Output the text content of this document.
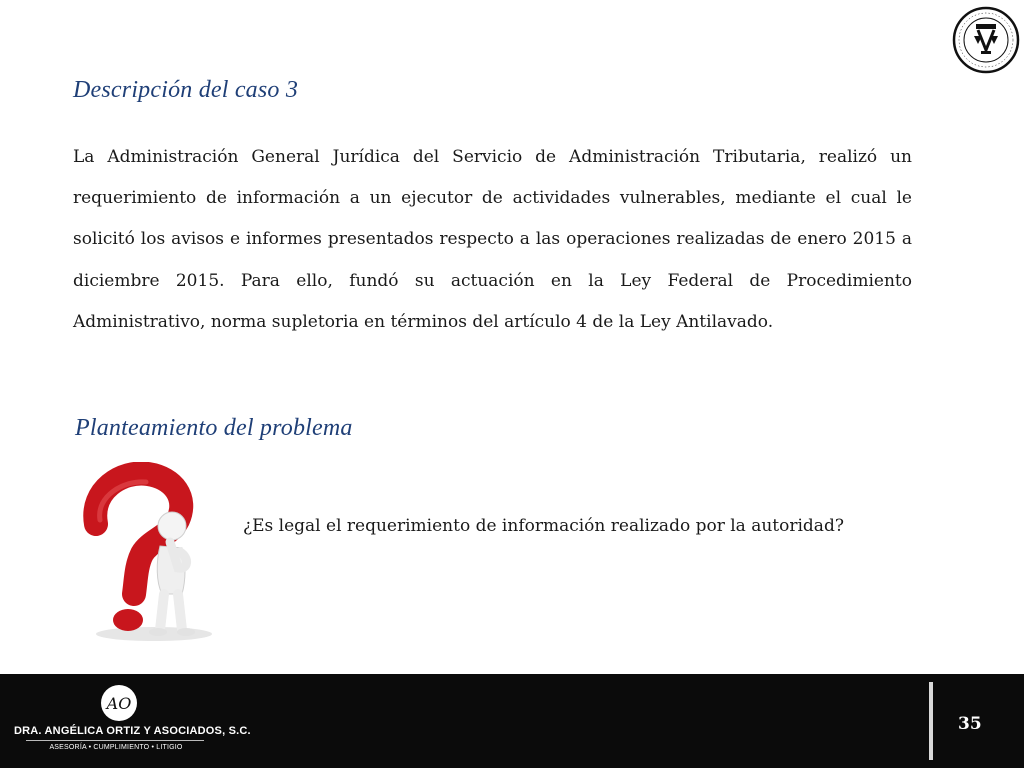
Descripción del caso 3
La Administración General Jurídica del Servicio de Administración Tributaria, realizó un requerimiento de información a un ejecutor de actividades vulnerables, mediante el cual le solicitó los avisos e informes presentados respecto a las operaciones realizadas de enero 2015 a diciembre 2015. Para ello, fundó su actuación en la Ley Federal de Procedimiento Administrativo, norma supletoria en términos del artículo 4 de la Ley Antilavado.
Planteamiento del problema
¿Es legal el requerimiento de información realizado por la autoridad?
AO
DRA. ANGÉLICA ORTIZ Y ASOCIADOS, S.C.
ASESORÍA • CUMPLIMIENTO • LITIGIO
35
